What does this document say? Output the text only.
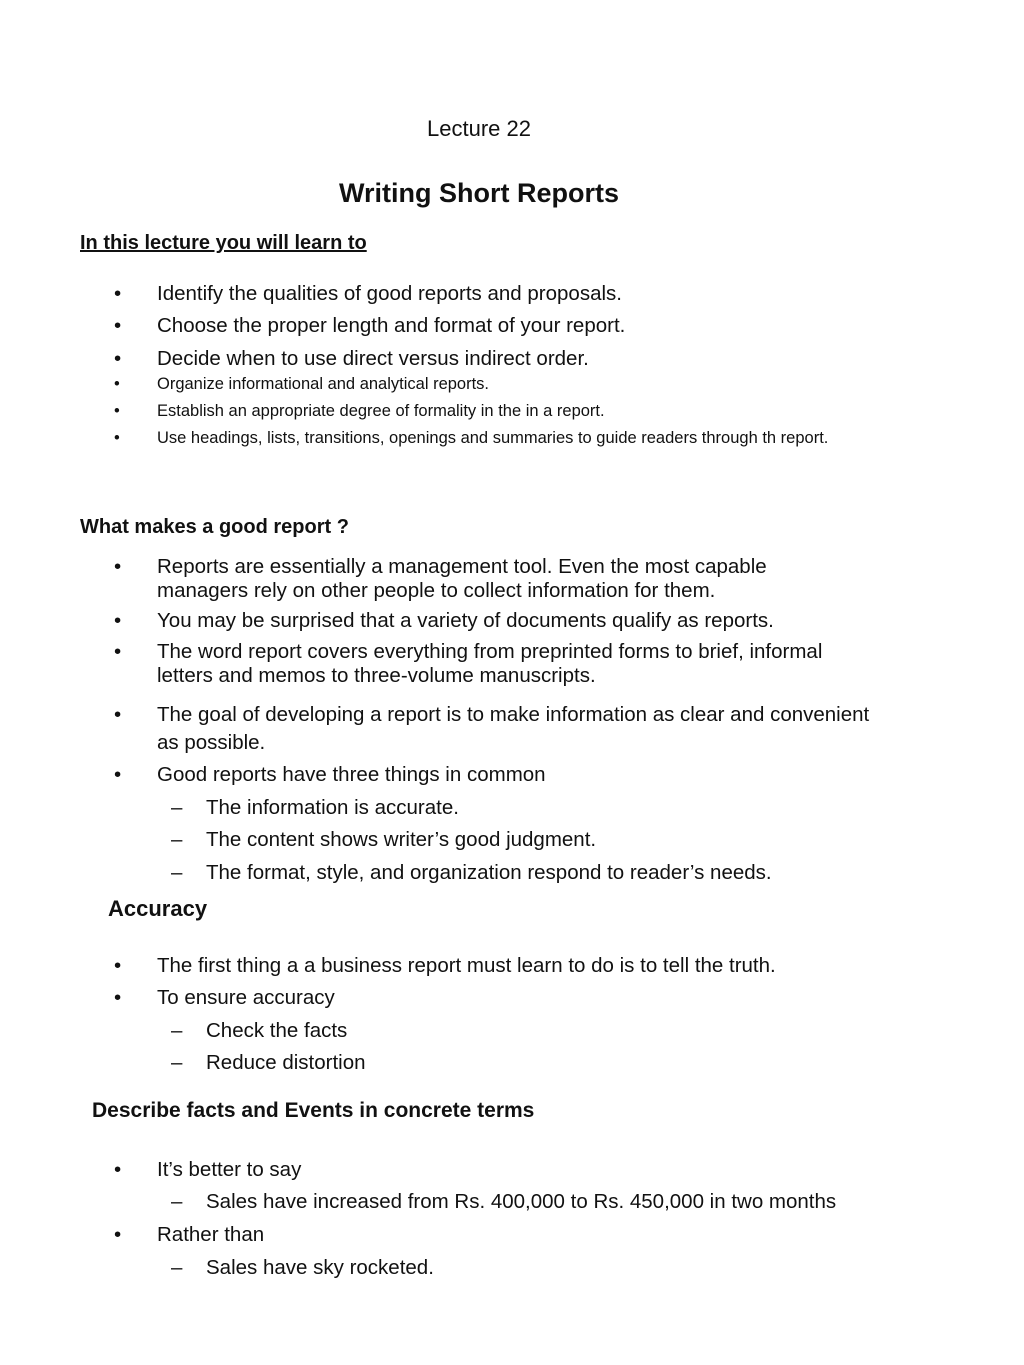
Lecture 22
Writing Short Reports
In this lecture you will learn to
• Identify the qualities of good reports and proposals.
• Choose the proper length and format of your report.
• Decide when to use direct versus indirect order.
• Organize informational and analytical reports.
• Establish an appropriate degree of formality in the in a report.
• Use headings, lists, transitions, openings and summaries to guide readers through th report.
What makes a good report ?
• Reports are essentially a management tool. Even the most capable
managers rely on other people to collect information for them.
• You may be surprised that a variety of documents qualify as reports.
• The word report covers everything from preprinted forms to brief, informal
letters and memos to three-volume manuscripts.
• The goal of developing a report is to make information as clear and convenient
as possible.
• Good reports have three things in common
– The information is accurate.
– The content shows writer’s good judgment.
– The format, style, and organization respond to reader’s needs.
Accuracy
• The first thing a a business report must learn to do is to tell the truth.
• To ensure accuracy
– Check the facts
– Reduce distortion
Describe facts and Events in concrete terms
• It’s better to say
– Sales have increased from Rs. 400,000 to Rs. 450,000 in two months
• Rather than
– Sales have sky rocketed.
